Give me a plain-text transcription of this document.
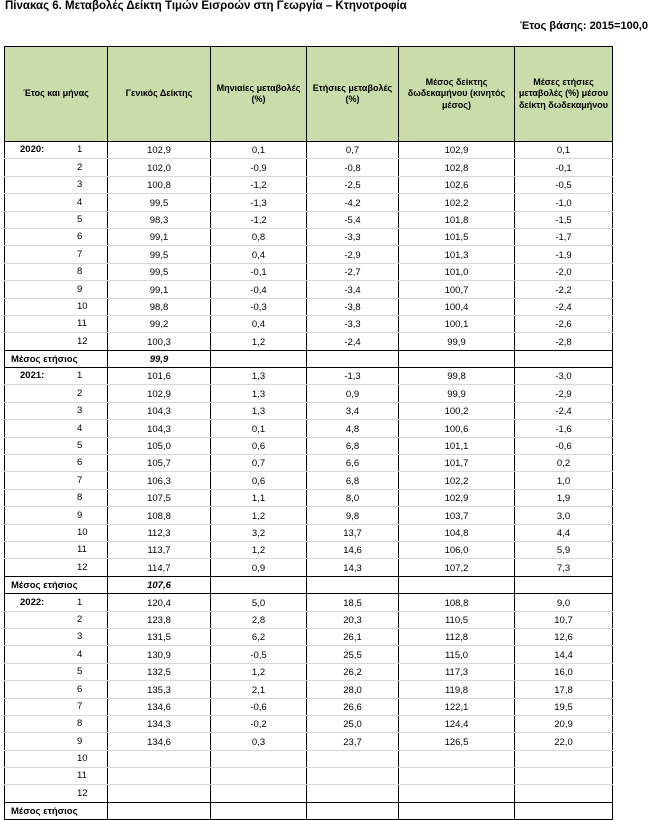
Πίνακας 6. Μεταβολές Δείκτη Τιμών Εισροών στη Γεωργία – Κτηνοτροφία
Έτος βάσης: 2015=100,0
Έτος και μήνας	Γενικός Δείκτης	Μηνιαίες μεταβολές (%)	Ετήσιες μεταβολές (%)	Μέσος δείκτης δωδεκαμήνου (κινητός μέσος)	Μέσες ετήσιες μεταβολές (%) μέσου δείκτη δωδεκαμήνου

2020: 1	102,9	0,1	0,7	102,9	0,1

2	102,0	-0,9	-0,8	102,8	-0,1

3	100,8	-1,2	-2,5	102,6	-0,5

4	99,5	-1,3	-4,2	102,2	-1,0

5	98,3	-1,2	-5,4	101,8	-1,5

6	99,1	0,8	-3,3	101,5	-1,7

7	99,5	0,4	-2,9	101,3	-1,9

8	99,5	-0,1	-2,7	101,0	-2,0

9	99,1	-0,4	-3,4	100,7	-2,2

10	98,8	-0,3	-3,8	100,4	-2,4

11	99,2	0,4	-3,3	100,1	-2,6

12	100,3	1,2	-2,4	99,9	-2,8
Μέσος ετήσιος	99,9				

2021: 1	101,6	1,3	-1,3	99,8	-3,0

2	102,9	1,3	0,9	99,9	-2,9

3	104,3	1,3	3,4	100,2	-2,4

4	104,3	0,1	4,8	100,6	-1,6

5	105,0	0,6	6,8	101,1	-0,6

6	105,7	0,7	6,6	101,7	0,2

7	106,3	0,6	6,8	102,2	1,0

8	107,5	1,1	8,0	102,9	1,9

9	108,8	1,2	9,8	103,7	3,0

10	112,3	3,2	13,7	104,8	4,4

11	113,7	1,2	14,6	106,0	5,9

12	114,7	0,9	14,3	107,2	7,3
Μέσος ετήσιος	107,6				

2022: 1	120,4	5,0	18,5	108,8	9,0

2	123,8	2,8	20,3	110,5	10,7

3	131,5	6,2	26,1	112,8	12,6

4	130,9	-0,5	25,5	115,0	14,4

5	132,5	1,2	26,2	117,3	16,0

6	135,3	2,1	28,0	119,8	17,8

7	134,6	-0,6	26,6	122,1	19,5

8	134,3	-0,2	25,0	124,4	20,9

9	134,6	0,3	23,7	126,5	22,0

10					

11					

12					

Μέσος ετήσιος					
